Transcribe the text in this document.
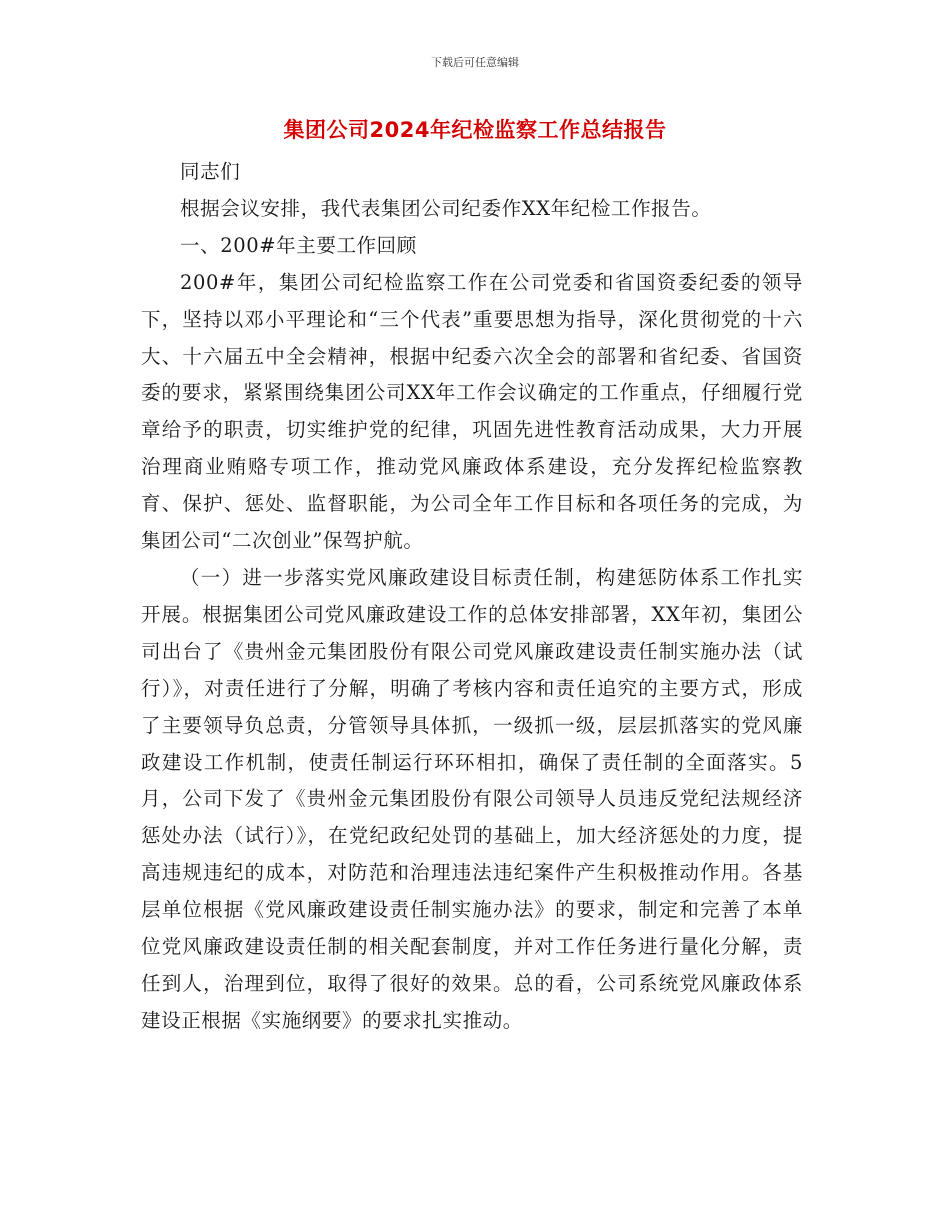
下载后可任意编辑
集团公司2024年纪检监察工作总结报告

同志们

根据会议安排，我代表集团公司纪委作XX年纪检工作报告。

一、200#年主要工作回顾

200#年，集团公司纪检监察工作在公司党委和省国资委纪委的领导下，坚持以邓小平理论和“三个代表”重要思想为指导，深化贯彻党的十六大、十六届五中全会精神，根据中纪委六次全会的部署和省纪委、省国资委的要求，紧紧围绕集团公司XX年工作会议确定的工作重点，仔细履行党章给予的职责，切实维护党的纪律，巩固先进性教育活动成果，大力开展治理商业贿赂专项工作，推动党风廉政体系建设，充分发挥纪检监察教育、保护、惩处、监督职能，为公司全年工作目标和各项任务的完成，为集团公司“二次创业”保驾护航。

（一）进一步落实党风廉政建设目标责任制，构建惩防体系工作扎实开展。根据集团公司党风廉政建设工作的总体安排部署，XX年初，集团公司出台了《贵州金元集团股份有限公司党风廉政建设责任制实施办法（试行）》，对责任进行了分解，明确了考核内容和责任追究的主要方式，形成了主要领导负总责，分管领导具体抓，一级抓一级，层层抓落实的党风廉政建设工作机制，使责任制运行环环相扣，确保了责任制的全面落实。5月，公司下发了《贵州金元集团股份有限公司领导人员违反党纪法规经济惩处办法（试行）》，在党纪政纪处罚的基础上，加大经济惩处的力度，提高违规违纪的成本，对防范和治理违法违纪案件产生积极推动作用。各基层单位根据《党风廉政建设责任制实施办法》的要求，制定和完善了本单位党风廉政建设责任制的相关配套制度，并对工作任务进行量化分解，责任到人，治理到位，取得了很好的效果。总的看，公司系统党风廉政体系建设正根据《实施纲要》的要求扎实推动。
